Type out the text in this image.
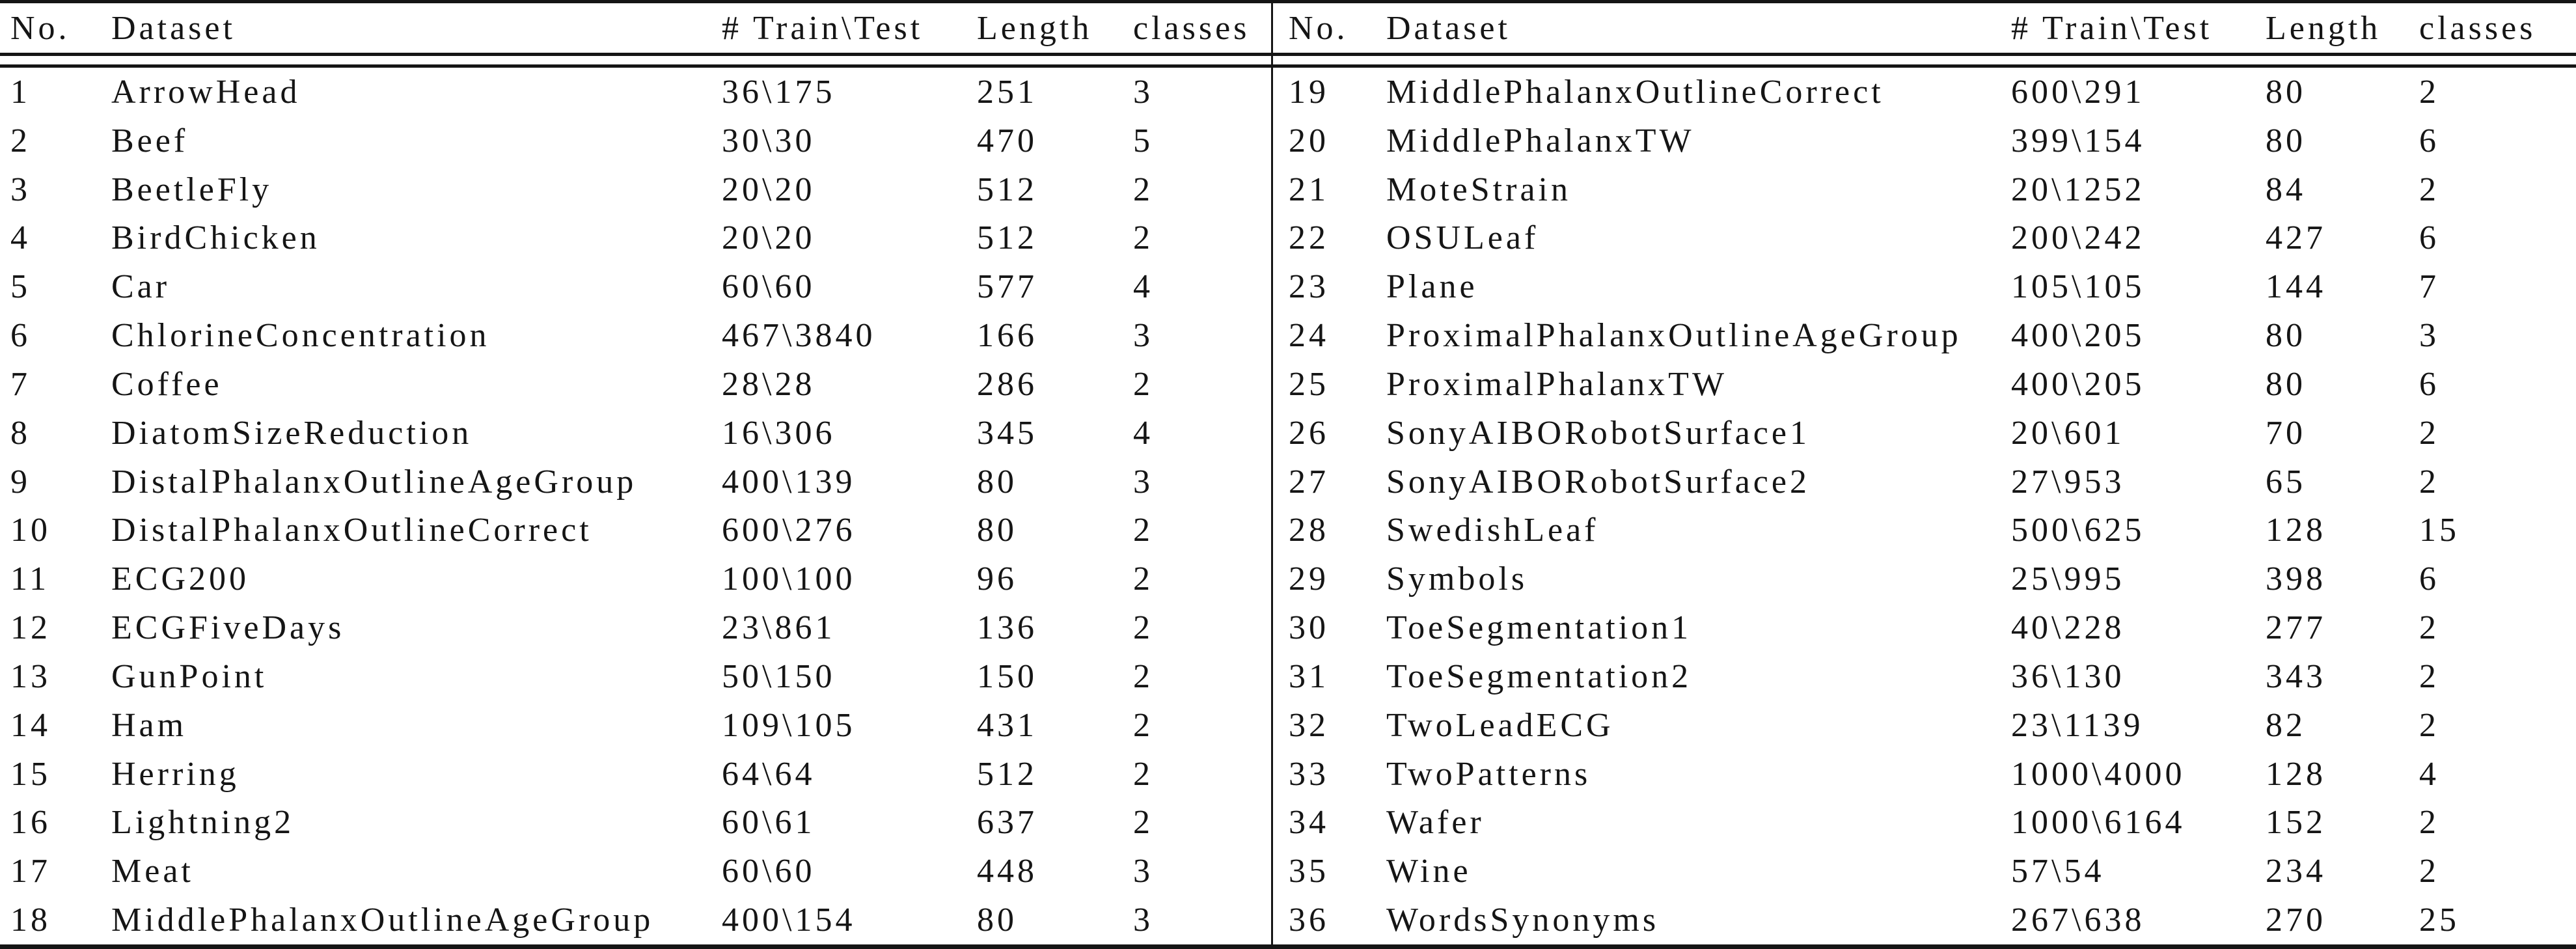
No.	Dataset	# Train\Test	Length	classes
1	ArrowHead	36\175	251	3
2	Beef	30\30	470	5
3	BeetleFly	20\20	512	2
4	BirdChicken	20\20	512	2
5	Car	60\60	577	4
6	ChlorineConcentration	467\3840	166	3
7	Coffee	28\28	286	2
8	DiatomSizeReduction	16\306	345	4
9	DistalPhalanxOutlineAgeGroup	400\139	80	3
10	DistalPhalanxOutlineCorrect	600\276	80	2
11	ECG200	100\100	96	2
12	ECGFiveDays	23\861	136	2
13	GunPoint	50\150	150	2
14	Ham	109\105	431	2
15	Herring	64\64	512	2
16	Lightning2	60\61	637	2
17	Meat	60\60	448	3
18	MiddlePhalanxOutlineAgeGroup	400\154	80	3
No.	Dataset	# Train\Test	Length	classes
19	MiddlePhalanxOutlineCorrect	600\291	80	2
20	MiddlePhalanxTW	399\154	80	6
21	MoteStrain	20\1252	84	2
22	OSULeaf	200\242	427	6
23	Plane	105\105	144	7
24	ProximalPhalanxOutlineAgeGroup	400\205	80	3
25	ProximalPhalanxTW	400\205	80	6
26	SonyAIBORobotSurface1	20\601	70	2
27	SonyAIBORobotSurface2	27\953	65	2
28	SwedishLeaf	500\625	128	15
29	Symbols	25\995	398	6
30	ToeSegmentation1	40\228	277	2
31	ToeSegmentation2	36\130	343	2
32	TwoLeadECG	23\1139	82	2
33	TwoPatterns	1000\4000	128	4
34	Wafer	1000\6164	152	2
35	Wine	57\54	234	2
36	WordsSynonyms	267\638	270	25
